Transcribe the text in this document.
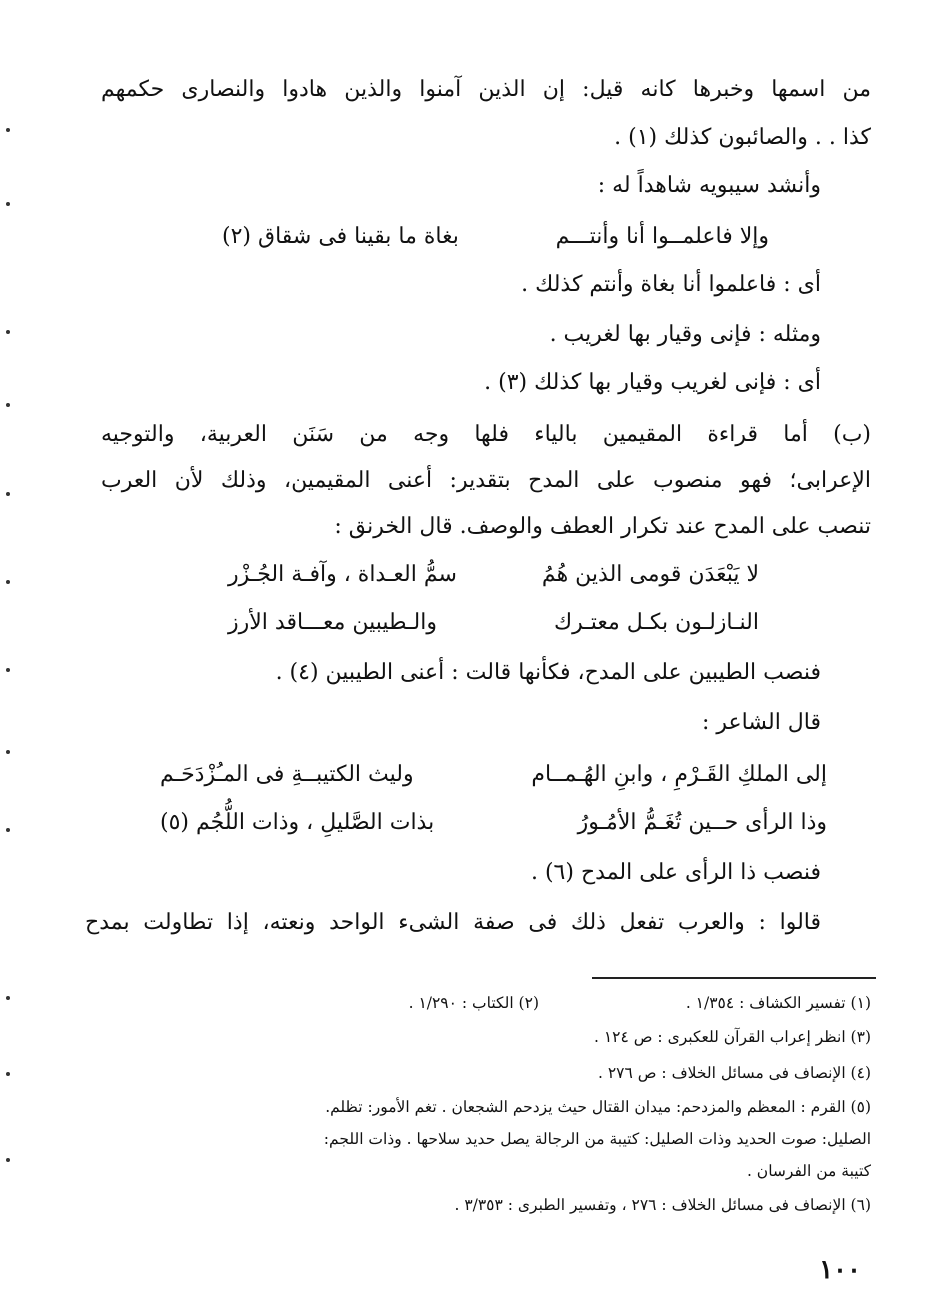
من اسمها وخبرها كانه قيل: إن الذين آمنوا والذين هادوا والنصارى حكمهم
كذا . . والصائبون كذلك (١) .
وأنشد سيبويه شاهداً له :
وإلا فاعلمــوا أنا وأنتـــم
بغاة ما بقينا فى شقاق (٢)
أى : فاعلموا أنا بغاة وأنتم كذلك .
ومثله : فإنى وقيار بها لغريب .
أى : فإنى لغريب وقيار بها كذلك (٣) .
(ب) أما قراءة المقيمين بالياء فلها وجه من سَنَن العربية، والتوجيه
الإعرابى؛ فهو منصوب على المدح بتقدير: أعنى المقيمين، وذلك لأن العرب
تنصب على المدح عند تكرار العطف والوصف. قال الخرنق :
لا يَبْعَدَن قومى الذين هُمُ
سمُّ العـداة ، وآفـة الجُـزْر
النـازلـون بكـل معتـرك
والـطيبين معـــاقد الأرز
فنصب الطيبين على المدح، فكأنها قالت : أعنى الطيبين (٤) .
قال الشاعر :
إلى الملكِ القَـرْمِ ، وابنِ الهُـمــام
وليث الكتيبــةِ فى المـُزْدَحَـم
وذا الرأى حــين تُغَـمُّ الأمُـورُ
بذات الصَّليلِ ، وذات اللُّجُم (٥)
فنصب ذا الرأى على المدح (٦) .
قالوا : والعرب تفعل ذلك فى صفة الشىء الواحد ونعته، إذا تطاولت بمدح
(١) تفسير الكشاف : ١/٣٥٤ .
(٢) الكتاب : ١/٢٩٠ .
(٣) انظر إعراب القرآن للعكبرى : ص ١٢٤ .
(٤) الإنصاف فى مسائل الخلاف : ص ٢٧٦ .
(٥) القرم : المعظم والمزدحم: ميدان القتال حيث يزدحم الشجعان . تغم الأمور: تظلم.
الصليل: صوت الحديد وذات الصليل: كتيبة من الرجالة يصل حديد سلاحها . وذات اللجم:
كتيبة من الفرسان .
(٦) الإنصاف فى مسائل الخلاف : ٢٧٦ ، وتفسير الطبرى : ٣/٣٥٣ .
١٠٠
